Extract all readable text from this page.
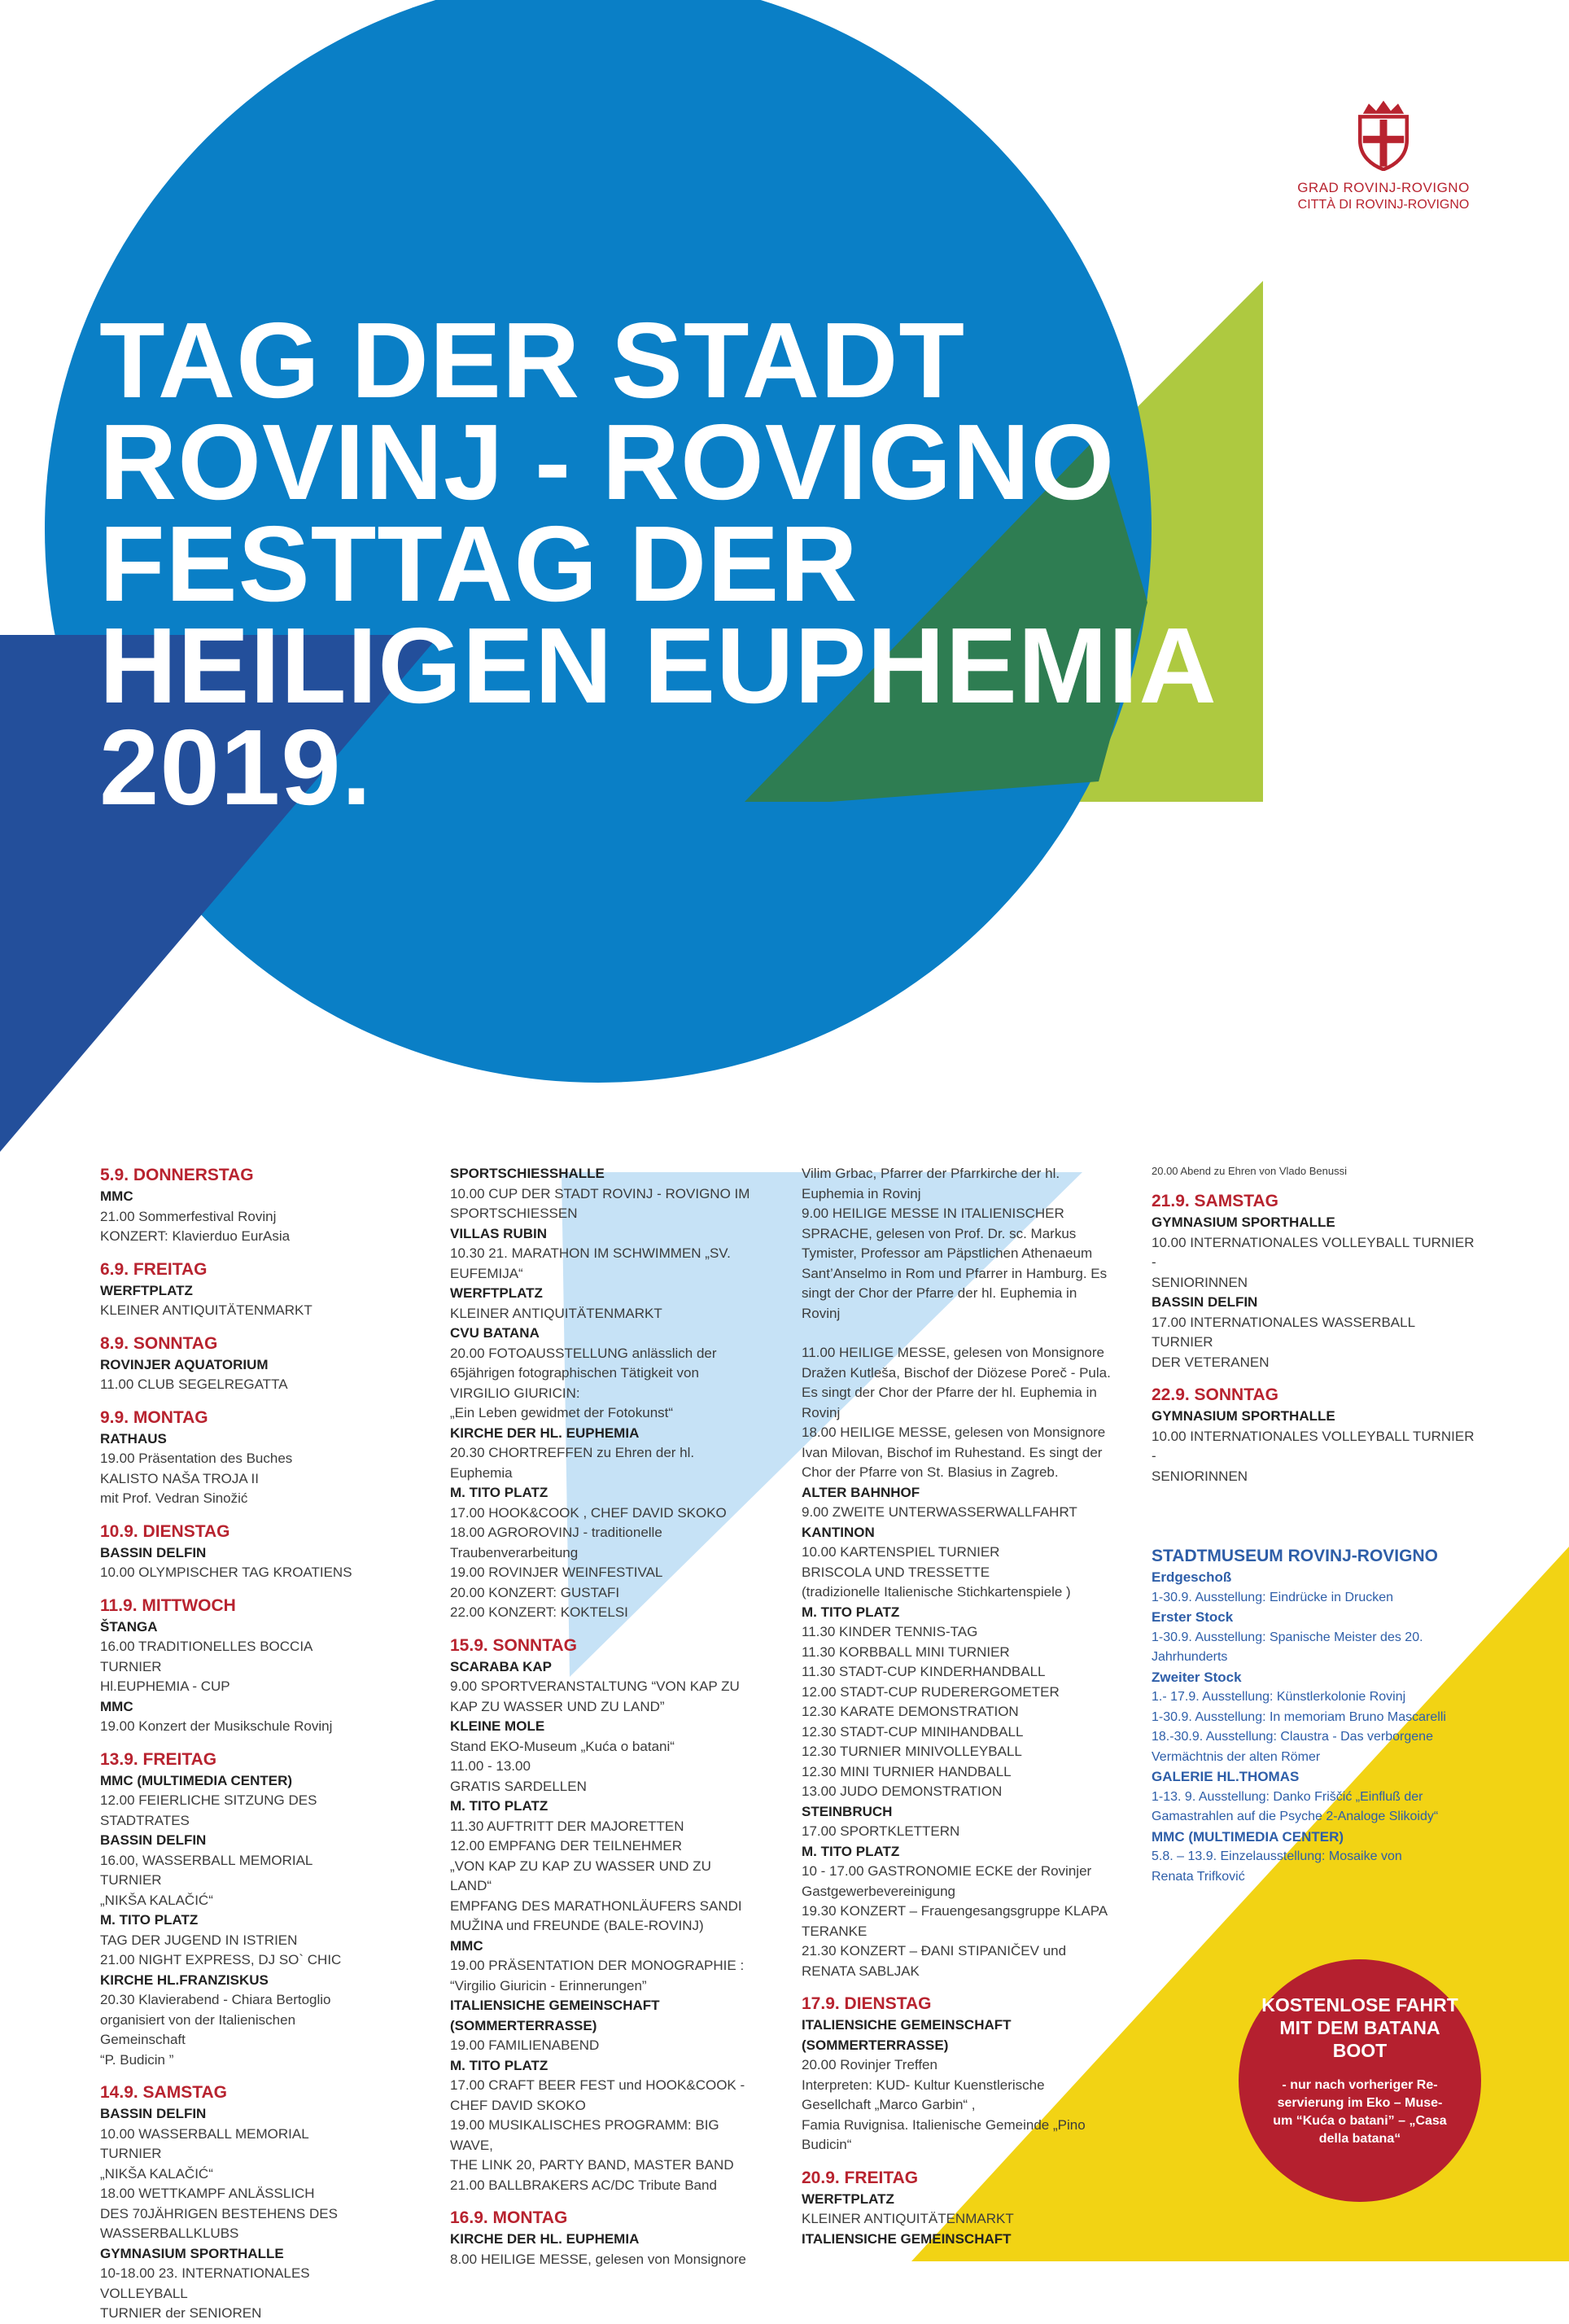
GRAD ROVINJ-ROVIGNO
CITTÀ DI ROVINJ-ROVIGNO
TAG DER STADT
ROVINJ - ROVIGNO
FESTTAG DER
HEILIGEN EUPHEMIA
2019.
5.9. DONNERSTAG
MMC
21.00 Sommerfestival Rovinj
KONZERT: Klavierduo EurAsia
6.9. FREITAG
WERFTPLATZ
KLEINER ANTIQUITÄTENMARKT
8.9. SONNTAG
ROVINJER AQUATORIUM
11.00 CLUB SEGELREGATTA
9.9. MONTAG
RATHAUS
19.00 Präsentation des Buches
KALISTO NAŠA TROJA II
mit Prof. Vedran Sinožić
10.9. DIENSTAG
BASSIN DELFIN
10.00 OLYMPISCHER TAG KROATIENS
11.9. MITTWOCH
ŠTANGA
16.00 TRADITIONELLES BOCCIA TURNIER
Hl.EUPHEMIA - CUP
MMC
19.00 Konzert der Musikschule Rovinj
13.9. FREITAG
MMC (MULTIMEDIA CENTER)
12.00 FEIERLICHE SITZUNG DES STADTRATES
BASSIN DELFIN
16.00, WASSERBALL MEMORIAL TURNIER
„NIKŠA KALAČIĆ“
M. TITO PLATZ
TAG DER JUGEND IN ISTRIEN
21.00 NIGHT EXPRESS, DJ SO` CHIC
KIRCHE HL.FRANZISKUS
20.30 Klavierabend - Chiara Bertoglio
organisiert von der Italienischen Gemeinschaft
“P. Budicin ”
14.9. SAMSTAG
BASSIN DELFIN
10.00 WASSERBALL MEMORIAL TURNIER
„NIKŠA KALAČIĆ“
18.00 WETTKAMPF ANLÄSSLICH
DES 70JÄHRIGEN BESTEHENS DES
WASSERBALLKLUBS
GYMNASIUM SPORTHALLE
10-18.00 23. INTERNATIONALES VOLLEYBALL
TURNIER der SENIOREN
SPORTSCHIESSHALLE
10.00 CUP DER STADT ROVINJ - ROVIGNO IM
SPORTSCHIESSEN
VILLAS RUBIN
10.30 21. MARATHON IM SCHWIMMEN „SV.
EUFEMIJA“
WERFTPLATZ
KLEINER ANTIQUITÄTENMARKT
CVU BATANA
20.00 FOTOAUSSTELLUNG anlässlich der
65jährigen fotographischen Tätigkeit von
VIRGILIO GIURICIN:
„Ein Leben gewidmet der Fotokunst“
KIRCHE DER HL. EUPHEMIA
20.30 CHORTREFFEN zu Ehren der hl. Euphemia
M. TITO PLATZ
17.00 HOOK&COOK , CHEF DAVID SKOKO
18.00 AGROROVINJ - traditionelle
Traubenverarbeitung
19.00 ROVINJER WEINFESTIVAL
20.00 KONZERT: GUSTAFI
22.00 KONZERT: KOKTELSI
15.9. SONNTAG
SCARABA KAP
9.00 SPORTVERANSTALTUNG “VON KAP ZU
KAP ZU WASSER UND ZU LAND”
KLEINE MOLE
Stand EKO-Museum „Kuća o batani“
11.00 - 13.00
GRATIS SARDELLEN
M. TITO PLATZ
11.30 AUFTRITT DER MAJORETTEN
12.00 EMPFANG DER TEILNEHMER
„VON KAP ZU KAP ZU WASSER UND ZU LAND“
EMPFANG DES MARATHONLÄUFERS SANDI
MUŽINA und FREUNDE (BALE-ROVINJ)
MMC
19.00 PRÄSENTATION DER MONOGRAPHIE :
“Virgilio Giuricin - Erinnerungen”
ITALIENSICHE GEMEINSCHAFT
(SOMMERTERRASSE)
19.00 FAMILIENABEND
M. TITO PLATZ
17.00 CRAFT BEER FEST und HOOK&COOK -
CHEF DAVID SKOKO
19.00 MUSIKALISCHES PROGRAMM: BIG WAVE,
THE LINK 20, PARTY BAND, MASTER BAND
21.00 BALLBRAKERS AC/DC Tribute Band
16.9. MONTAG
KIRCHE DER HL. EUPHEMIA
8.00 HEILIGE MESSE, gelesen von Monsignore
Vilim Grbac, Pfarrer der Pfarrkirche der hl.
Euphemia in Rovinj
9.00 HEILIGE MESSE IN ITALIENISCHER
SPRACHE, gelesen von Prof. Dr. sc. Markus
Tymister, Professor am Päpstlichen Athenaeum
Sant’Anselmo in Rom und Pfarrer in Hamburg. Es
singt der Chor der Pfarre der hl. Euphemia in Rovinj
11.00 HEILIGE MESSE, gelesen von Monsignore
Dražen Kutleša, Bischof der Diözese Poreč - Pula.
Es singt der Chor der Pfarre der hl. Euphemia in
Rovinj
18.00 HEILIGE MESSE, gelesen von Monsignore
Ivan Milovan, Bischof im Ruhestand. Es singt der
Chor der Pfarre von St. Blasius in Zagreb.
ALTER BAHNHOF
9.00 ZWEITE UNTERWASSERWALLFAHRT
KANTINON
10.00 KARTENSPIEL TURNIER
BRISCOLA UND TRESSETTE
(tradizionelle Italienische Stichkartenspiele )
M. TITO PLATZ
11.30 KINDER TENNIS-TAG
11.30 KORBBALL MINI TURNIER
11.30 STADT-CUP KINDERHANDBALL
12.00 STADT-CUP RUDERERGOMETER
12.30 KARATE DEMONSTRATION
12.30 STADT-CUP MINIHANDBALL
12.30 TURNIER MINIVOLLEYBALL
12.30 MINI TURNIER HANDBALL
13.00 JUDO DEMONSTRATION
STEINBRUCH
17.00 SPORTKLETTERN
M. TITO PLATZ
10 - 17.00 GASTRONOMIE ECKE der Rovinjer
Gastgewerbevereinigung
19.30 KONZERT – Frauengesangsgruppe KLAPA
TERANKE
21.30 KONZERT – ĐANI STIPANIČEV und
RENATA SABLJAK
17.9. DIENSTAG
ITALIENSICHE GEMEINSCHAFT
(SOMMERTERRASSE)
20.00 Rovinjer Treffen
Interpreten: KUD- Kultur Kuenstlerische
Gesellchaft „Marco Garbin“ ,
Famia Ruvignisa. Italienische Gemeinde „Pino
Budicin“
20.9. FREITAG
WERFTPLATZ
KLEINER ANTIQUITÄTENMARKT
ITALIENSICHE GEMEINSCHAFT
20.00 Abend zu Ehren von Vlado Benussi
21.9. SAMSTAG
GYMNASIUM SPORTHALLE
10.00 INTERNATIONALES VOLLEYBALL TURNIER -
SENIORINNEN
BASSIN DELFIN
17.00 INTERNATIONALES WASSERBALL TURNIER
DER VETERANEN
22.9. SONNTAG
GYMNASIUM SPORTHALLE
10.00 INTERNATIONALES VOLLEYBALL TURNIER -
SENIORINNEN
STADTMUSEUM ROVINJ-ROVIGNO
Erdgeschoß
1-30.9. Ausstellung: Eindrücke in Drucken
Erster Stock
1-30.9. Ausstellung: Spanische Meister des 20.
Jahrhunderts
Zweiter Stock
1.- 17.9. Ausstellung: Künstlerkolonie Rovinj
1-30.9. Ausstellung: In memoriam Bruno Mascarelli
18.-30.9. Ausstellung: Claustra - Das verborgene
Vermächtnis der alten Römer
GALERIE HL.THOMAS
1-13. 9. Ausstellung: Danko Friščić „Einfluß der
Gamastrahlen auf die Psyche 2-Analoge Slikoidy“
MMC (MULTIMEDIA CENTER)
5.8. – 13.9. Einzelausstellung: Mosaike von
Renata Trifković
KOSTENLOSE FAHRT
MIT DEM BATANA
BOOT
- nur nach vorheriger Re-
servierung im Eko – Muse-
um “Kuća o batani” – „Casa
della batana“
